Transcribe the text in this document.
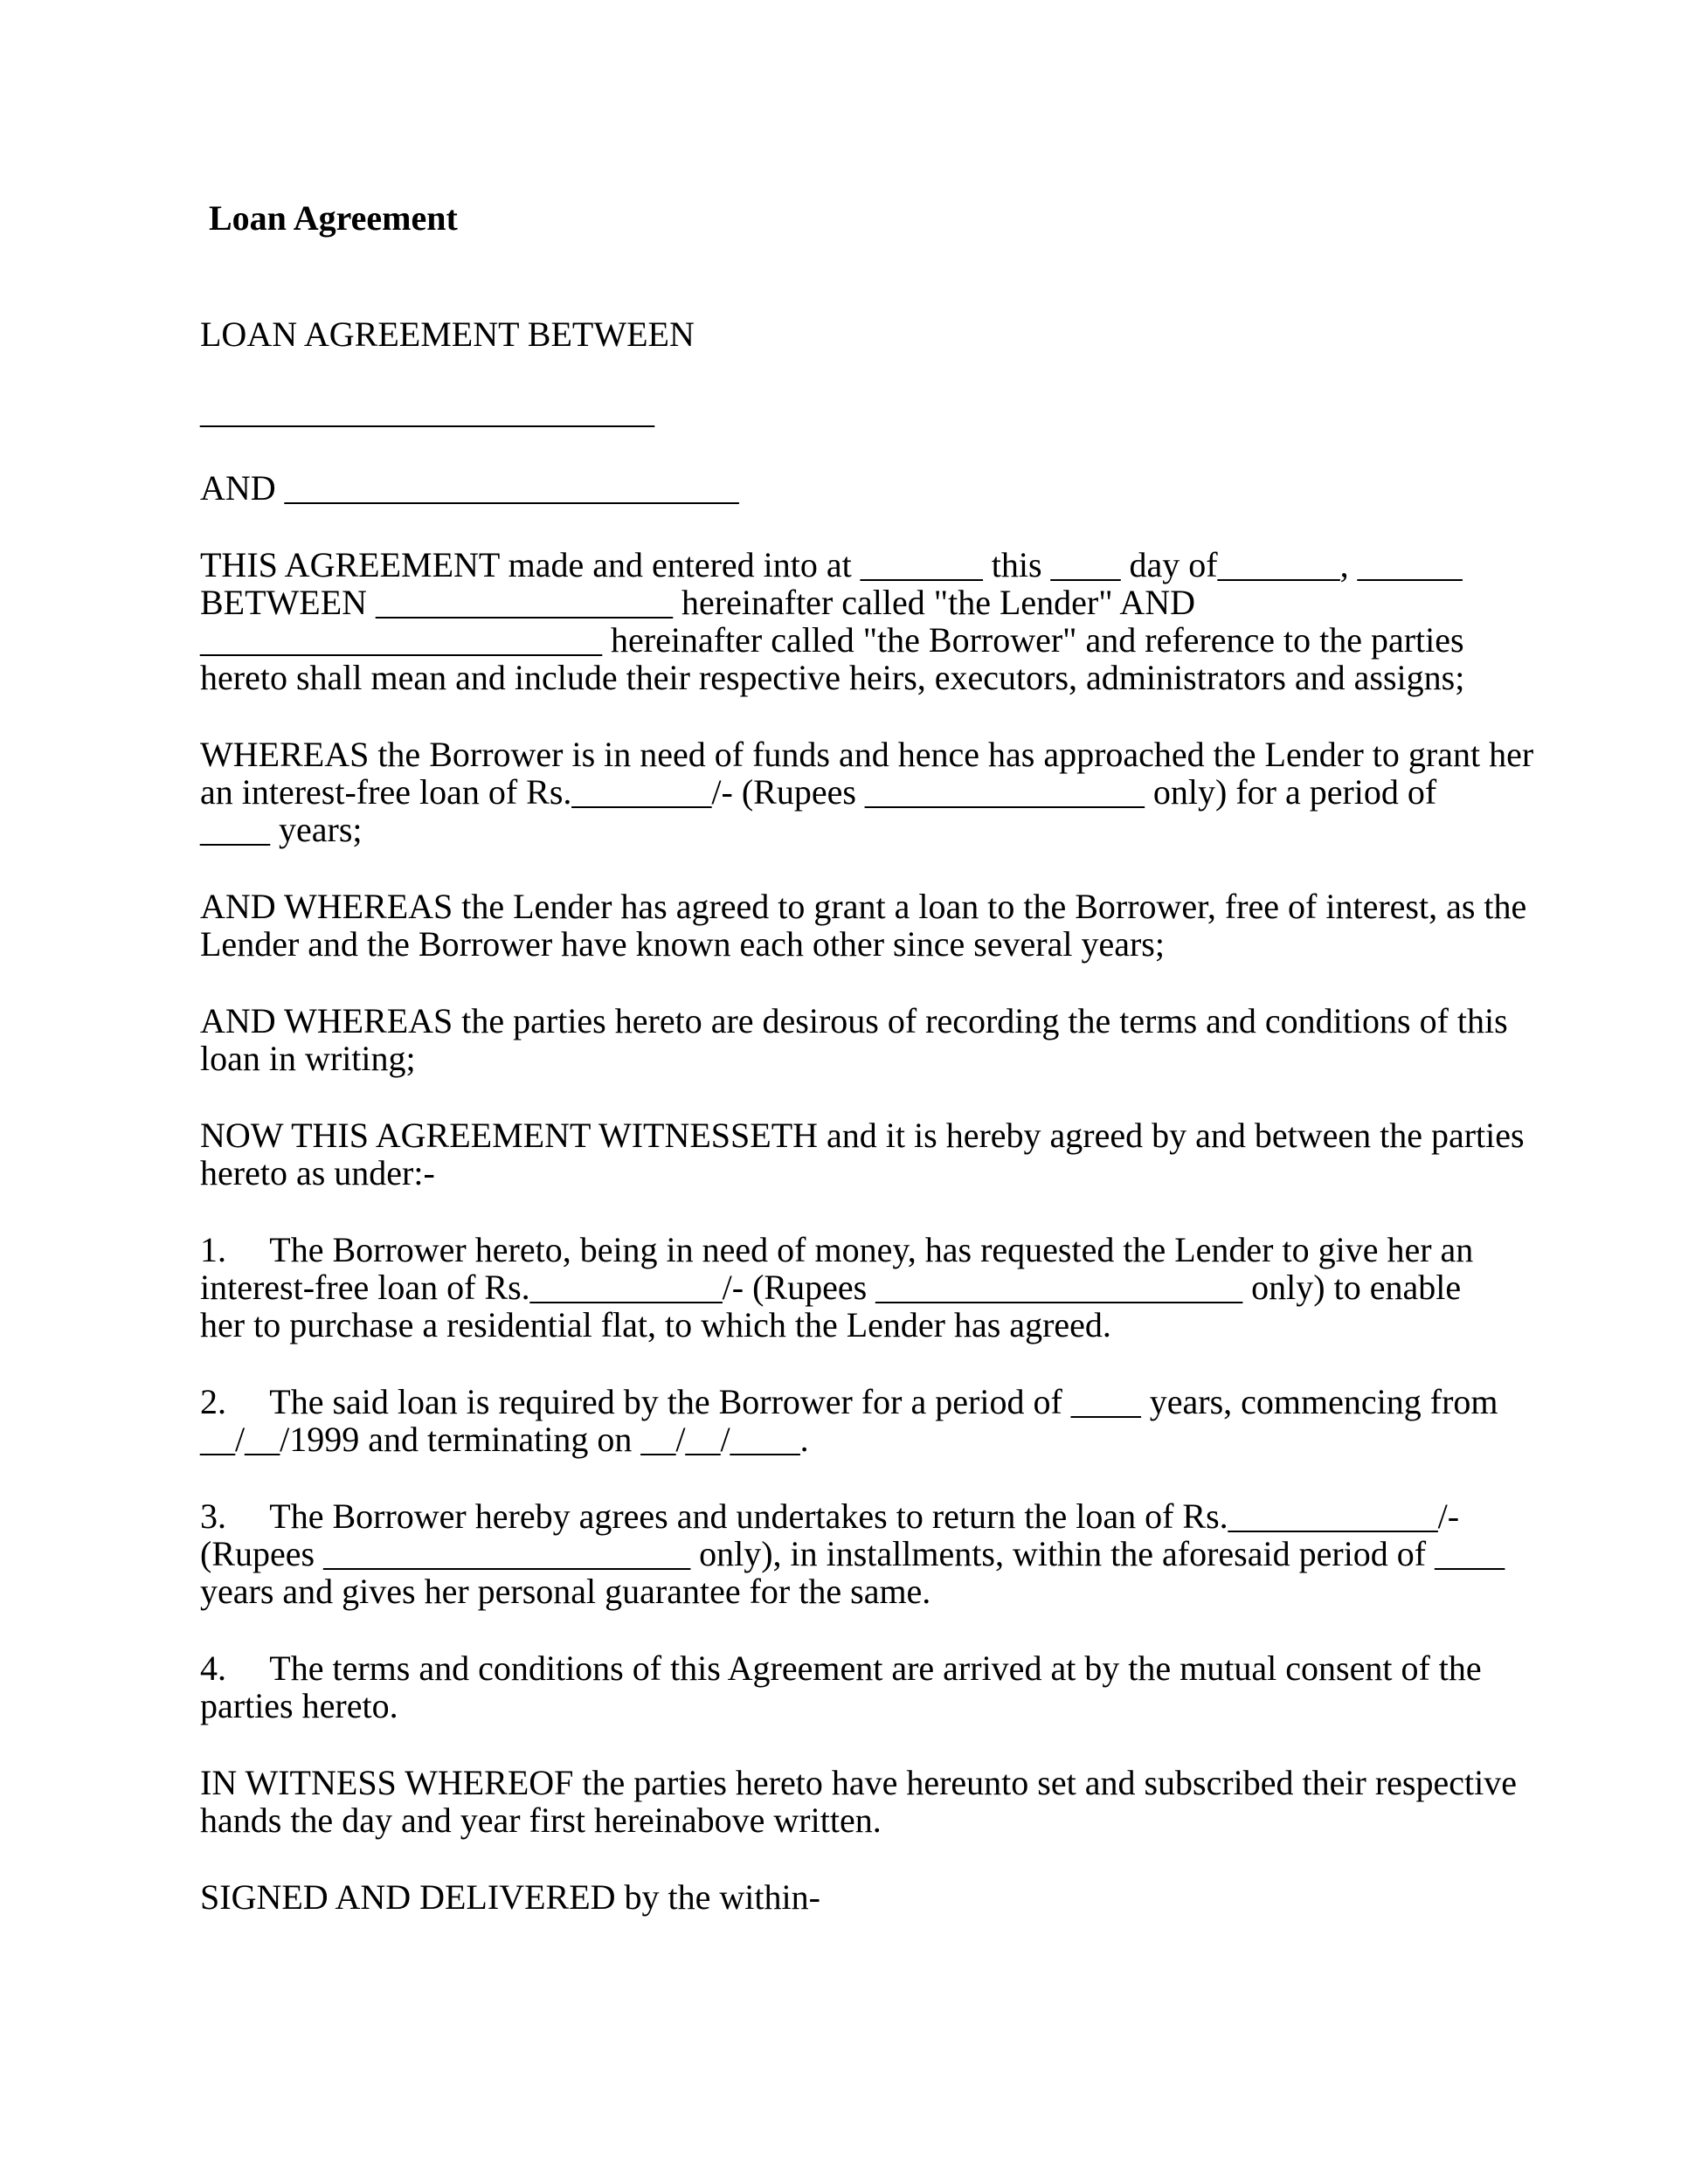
Loan Agreement
LOAN AGREEMENT BETWEEN
__________________________
AND __________________________
THIS AGREEMENT made and entered into at _______ this ____ day of_______, ______
BETWEEN _________________ hereinafter called "the Lender" AND
_______________________ hereinafter called "the Borrower" and reference to the parties
hereto shall mean and include their respective heirs, executors, administrators and assigns;
WHEREAS the Borrower is in need of funds and hence has approached the Lender to grant her
an interest-free loan of Rs.________/- (Rupees ________________ only) for a period of
____ years;
AND WHEREAS the Lender has agreed to grant a loan to the Borrower, free of interest, as the
Lender and the Borrower have known each other since several years;
AND WHEREAS the parties hereto are desirous of recording the terms and conditions of this
loan in writing;
NOW THIS AGREEMENT WITNESSETH and it is hereby agreed by and between the parties
hereto as under:-
1.     The Borrower hereto, being in need of money, has requested the Lender to give her an
interest-free loan of Rs.___________/- (Rupees _____________________ only) to enable
her to purchase a residential flat, to which the Lender has agreed.
2.     The said loan is required by the Borrower for a period of ____ years, commencing from
__/__/1999 and terminating on __/__/____.
3.     The Borrower hereby agrees and undertakes to return the loan of Rs.____________/-
(Rupees _____________________ only), in installments, within the aforesaid period of ____
years and gives her personal guarantee for the same.
4.     The terms and conditions of this Agreement are arrived at by the mutual consent of the
parties hereto.
IN WITNESS WHEREOF the parties hereto have hereunto set and subscribed their respective
hands the day and year first hereinabove written.
SIGNED AND DELIVERED by the within-
